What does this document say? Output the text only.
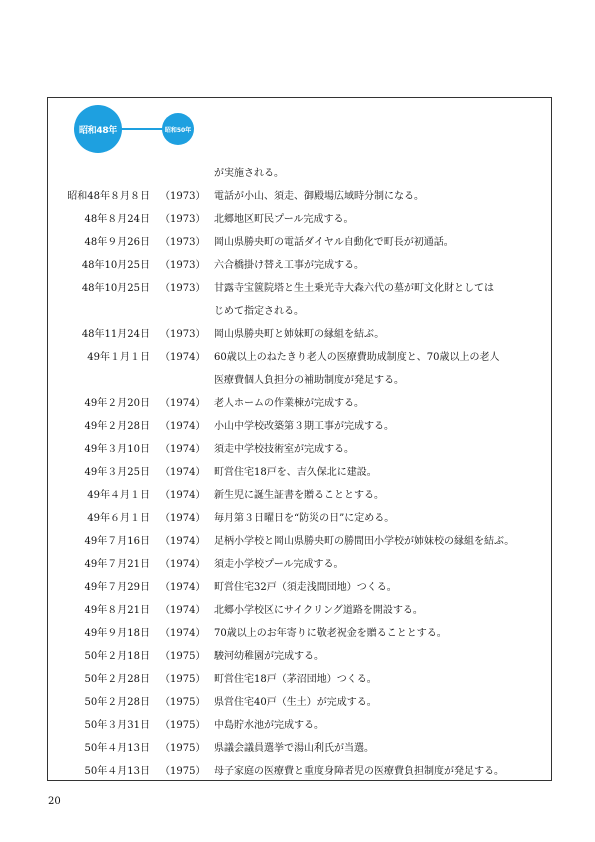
昭和48年	昭和50年
が実施される。
昭和48年８月８日 （1973） 電話が小山、須走、御殿場広域時分制になる。
48年８月24日 （1973） 北郷地区町民プール完成する。
48年９月26日 （1973） 岡山県勝央町の電話ダイヤル自動化で町長が初通話。
48年10月25日 （1973） 六合橋掛け替え工事が完成する。
48年10月25日 （1973） 甘露寺宝篋院塔と生土乗光寺大森六代の墓が町文化財としては
じめて指定される。
48年11月24日 （1973） 岡山県勝央町と姉妹町の縁組を結ぶ。
49年１月１日 （1974） 60歳以上のねたきり老人の医療費助成制度と、70歳以上の老人
医療費個人負担分の補助制度が発足する。
49年２月20日 （1974） 老人ホームの作業棟が完成する。
49年２月28日 （1974） 小山中学校改築第３期工事が完成する。
49年３月10日 （1974） 須走中学校技術室が完成する。
49年３月25日 （1974） 町営住宅18戸を、吉久保北に建設。
49年４月１日 （1974） 新生児に誕生証書を贈ることとする。
49年６月１日 （1974） 毎月第３日曜日を“防災の日”に定める。
49年７月16日 （1974） 足柄小学校と岡山県勝央町の勝間田小学校が姉妹校の縁組を結ぶ。
49年７月21日 （1974） 須走小学校プール完成する。
49年７月29日 （1974） 町営住宅32戸（須走浅間団地）つくる。
49年８月21日 （1974） 北郷小学校区にサイクリング道路を開設する。
49年９月18日 （1974） 70歳以上のお年寄りに敬老祝金を贈ることとする。
50年２月18日 （1975） 駿河幼稚園が完成する。
50年２月28日 （1975） 町営住宅18戸（茅沼団地）つくる。
50年２月28日 （1975） 県営住宅40戸（生土）が完成する。
50年３月31日 （1975） 中島貯水池が完成する。
50年４月13日 （1975） 県議会議員選挙で湯山利氏が当選。
50年４月13日 （1975） 母子家庭の医療費と重度身障者児の医療費負担制度が発足する。
20
